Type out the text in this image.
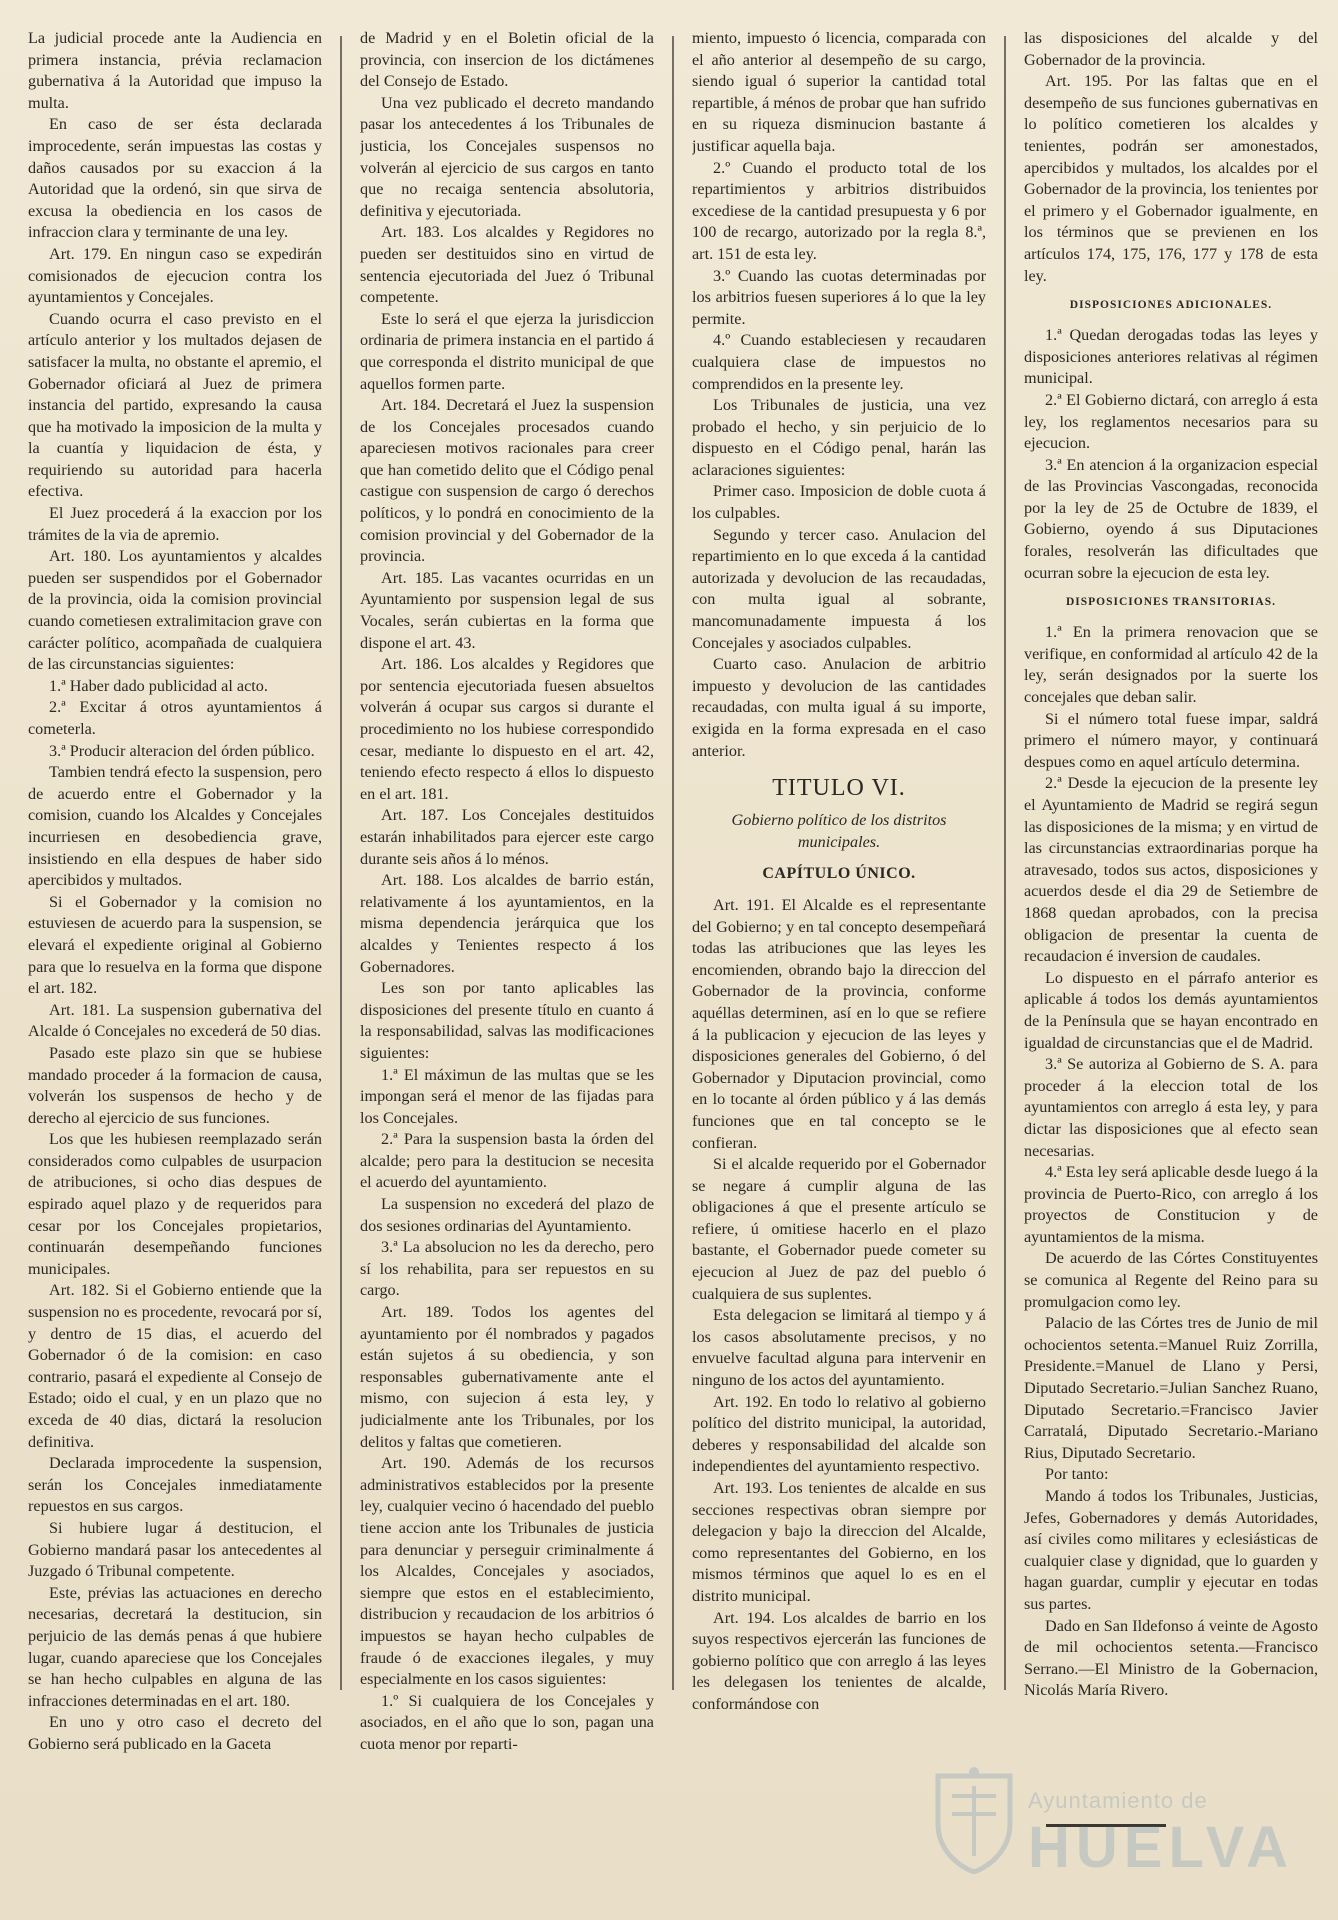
La judicial procede ante la Audiencia en primera instancia, prévia reclamacion gubernativa á la Autoridad que impuso la multa.

En caso de ser ésta declarada improcedente, serán impuestas las costas y daños causados por su exaccion á la Autoridad que la ordenó, sin que sirva de excusa la obediencia en los casos de infraccion clara y terminante de una ley.

Art. 179. En ningun caso se expedirán comisionados de ejecucion contra los ayuntamientos y Concejales.

Cuando ocurra el caso previsto en el artículo anterior y los multados dejasen de satisfacer la multa, no obstante el apremio, el Gobernador oficiará al Juez de primera instancia del partido, expresando la causa que ha motivado la imposicion de la multa y la cuantía y liquidacion de ésta, y requiriendo su autoridad para hacerla efectiva.

El Juez procederá á la exaccion por los trámites de la via de apremio.

Art. 180. Los ayuntamientos y alcaldes pueden ser suspendidos por el Gobernador de la provincia, oida la comision provincial cuando cometiesen extralimitacion grave con carácter político, acompañada de cualquiera de las circunstancias siguientes:

1.ª Haber dado publicidad al acto.

2.ª Excitar á otros ayuntamientos á cometerla.

3.ª Producir alteracion del órden público.

Tambien tendrá efecto la suspension, pero de acuerdo entre el Gobernador y la comision, cuando los Alcaldes y Concejales incurriesen en desobediencia grave, insistiendo en ella despues de haber sido apercibidos y multados.

Si el Gobernador y la comision no estuviesen de acuerdo para la suspension, se elevará el expediente original al Gobierno para que lo resuelva en la forma que dispone el art. 182.

Art. 181. La suspension gubernativa del Alcalde ó Concejales no excederá de 50 dias.

Pasado este plazo sin que se hubiese mandado proceder á la formacion de causa, volverán los suspensos de hecho y de derecho al ejercicio de sus funciones.

Los que les hubiesen reemplazado serán considerados como culpables de usurpacion de atribuciones, si ocho dias despues de espirado aquel plazo y de requeridos para cesar por los Concejales propietarios, continuarán desempeñando funciones municipales.

Art. 182. Si el Gobierno entiende que la suspension no es procedente, revocará por sí, y dentro de 15 dias, el acuerdo del Gobernador ó de la comision: en caso contrario, pasará el expediente al Consejo de Estado; oido el cual, y en un plazo que no exceda de 40 dias, dictará la resolucion definitiva.

Declarada improcedente la suspension, serán los Concejales inmediatamente repuestos en sus cargos.

Si hubiere lugar á destitucion, el Gobierno mandará pasar los antecedentes al Juzgado ó Tribunal competente.

Este, prévias las actuaciones en derecho necesarias, decretará la destitucion, sin perjuicio de las demás penas á que hubiere lugar, cuando apareciese que los Concejales se han hecho culpables en alguna de las infracciones determinadas en el art. 180.

En uno y otro caso el decreto del Gobierno será publicado en la Gaceta

de Madrid y en el Boletin oficial de la provincia, con insercion de los dictámenes del Consejo de Estado.

Una vez publicado el decreto mandando pasar los antecedentes á los Tribunales de justicia, los Concejales suspensos no volverán al ejercicio de sus cargos en tanto que no recaiga sentencia absolutoria, definitiva y ejecutoriada.

Art. 183. Los alcaldes y Regidores no pueden ser destituidos sino en virtud de sentencia ejecutoriada del Juez ó Tribunal competente.

Este lo será el que ejerza la jurisdiccion ordinaria de primera instancia en el partido á que corresponda el distrito municipal de que aquellos formen parte.

Art. 184. Decretará el Juez la suspension de los Concejales procesados cuando apareciesen motivos racionales para creer que han cometido delito que el Código penal castigue con suspension de cargo ó derechos políticos, y lo pondrá en conocimiento de la comision provincial y del Gobernador de la provincia.

Art. 185. Las vacantes ocurridas en un Ayuntamiento por suspension legal de sus Vocales, serán cubiertas en la forma que dispone el art. 43.

Art. 186. Los alcaldes y Regidores que por sentencia ejecutoriada fuesen absueltos volverán á ocupar sus cargos si durante el procedimiento no los hubiese correspondido cesar, mediante lo dispuesto en el art. 42, teniendo efecto respecto á ellos lo dispuesto en el art. 181.

Art. 187. Los Concejales destituidos estarán inhabilitados para ejercer este cargo durante seis años á lo ménos.

Art. 188. Los alcaldes de barrio están, relativamente á los ayuntamientos, en la misma dependencia jerárquica que los alcaldes y Tenientes respecto á los Gobernadores.

Les son por tanto aplicables las disposiciones del presente título en cuanto á la responsabilidad, salvas las modificaciones siguientes:

1.ª El máximun de las multas que se les impongan será el menor de las fijadas para los Concejales.

2.ª Para la suspension basta la órden del alcalde; pero para la destitucion se necesita el acuerdo del ayuntamiento.

La suspension no excederá del plazo de dos sesiones ordinarias del Ayuntamiento.

3.ª La absolucion no les da derecho, pero sí los rehabilita, para ser repuestos en su cargo.

Art. 189. Todos los agentes del ayuntamiento por él nombrados y pagados están sujetos á su obediencia, y son responsables gubernativamente ante el mismo, con sujecion á esta ley, y judicialmente ante los Tribunales, por los delitos y faltas que cometieren.

Art. 190. Además de los recursos administrativos establecidos por la presente ley, cualquier vecino ó hacendado del pueblo tiene accion ante los Tribunales de justicia para denunciar y perseguir criminalmente á los Alcaldes, Concejales y asociados, siempre que estos en el establecimiento, distribucion y recaudacion de los arbitrios ó impuestos se hayan hecho culpables de fraude ó de exacciones ilegales, y muy especialmente en los casos siguientes:

1.º Si cualquiera de los Concejales y asociados, en el año que lo son, pagan una cuota menor por reparti-

miento, impuesto ó licencia, comparada con el año anterior al desempeño de su cargo, siendo igual ó superior la cantidad total repartible, á ménos de probar que han sufrido en su riqueza disminucion bastante á justificar aquella baja.

2.º Cuando el producto total de los repartimientos y arbitrios distribuidos excediese de la cantidad presupuesta y 6 por 100 de recargo, autorizado por la regla 8.ª, art. 151 de esta ley.

3.º Cuando las cuotas determinadas por los arbitrios fuesen superiores á lo que la ley permite.

4.º Cuando estableciesen y recaudaren cualquiera clase de impuestos no comprendidos en la presente ley.

Los Tribunales de justicia, una vez probado el hecho, y sin perjuicio de lo dispuesto en el Código penal, harán las aclaraciones siguientes:

Primer caso. Imposicion de doble cuota á los culpables.

Segundo y tercer caso. Anulacion del repartimiento en lo que exceda á la cantidad autorizada y devolucion de las recaudadas, con multa igual al sobrante, mancomunadamente impuesta á los Concejales y asociados culpables.

Cuarto caso. Anulacion de arbitrio impuesto y devolucion de las cantidades recaudadas, con multa igual á su importe, exigida en la forma expresada en el caso anterior.

TITULO VI.
Gobierno político de los distritos municipales.
CAPÍTULO ÚNICO.

Art. 191. El Alcalde es el representante del Gobierno; y en tal concepto desempeñará todas las atribuciones que las leyes les encomienden, obrando bajo la direccion del Gobernador de la provincia, conforme aquéllas determinen, así en lo que se refiere á la publicacion y ejecucion de las leyes y disposiciones generales del Gobierno, ó del Gobernador y Diputacion provincial, como en lo tocante al órden público y á las demás funciones que en tal concepto se le confieran.

Si el alcalde requerido por el Gobernador se negare á cumplir alguna de las obligaciones á que el presente artículo se refiere, ú omitiese hacerlo en el plazo bastante, el Gobernador puede cometer su ejecucion al Juez de paz del pueblo ó cualquiera de sus suplentes.

Esta delegacion se limitará al tiempo y á los casos absolutamente precisos, y no envuelve facultad alguna para intervenir en ninguno de los actos del ayuntamiento.

Art. 192. En todo lo relativo al gobierno político del distrito municipal, la autoridad, deberes y responsabilidad del alcalde son independientes del ayuntamiento respectivo.

Art. 193. Los tenientes de alcalde en sus secciones respectivas obran siempre por delegacion y bajo la direccion del Alcalde, como representantes del Gobierno, en los mismos términos que aquel lo es en el distrito municipal.

Art. 194. Los alcaldes de barrio en los suyos respectivos ejercerán las funciones de gobierno político que con arreglo á las leyes les delegasen los tenientes de alcalde, conformándose con

las disposiciones del alcalde y del Gobernador de la provincia.

Art. 195. Por las faltas que en el desempeño de sus funciones gubernativas en lo político cometieren los alcaldes y tenientes, podrán ser amonestados, apercibidos y multados, los alcaldes por el Gobernador de la provincia, los tenientes por el primero y el Gobernador igualmente, en los términos que se previenen en los artículos 174, 175, 176, 177 y 178 de esta ley.

DISPOSICIONES ADICIONALES.

1.ª Quedan derogadas todas las leyes y disposiciones anteriores relativas al régimen municipal.

2.ª El Gobierno dictará, con arreglo á esta ley, los reglamentos necesarios para su ejecucion.

3.ª En atencion á la organizacion especial de las Provincias Vascongadas, reconocida por la ley de 25 de Octubre de 1839, el Gobierno, oyendo á sus Diputaciones forales, resolverán las dificultades que ocurran sobre la ejecucion de esta ley.

DISPOSICIONES TRANSITORIAS.

1.ª En la primera renovacion que se verifique, en conformidad al artículo 42 de la ley, serán designados por la suerte los concejales que deban salir.

Si el número total fuese impar, saldrá primero el número mayor, y continuará despues como en aquel artículo determina.

2.ª Desde la ejecucion de la presente ley el Ayuntamiento de Madrid se regirá segun las disposiciones de la misma; y en virtud de las circunstancias extraordinarias porque ha atravesado, todos sus actos, disposiciones y acuerdos desde el dia 29 de Setiembre de 1868 quedan aprobados, con la precisa obligacion de presentar la cuenta de recaudacion é inversion de caudales.

Lo dispuesto en el párrafo anterior es aplicable á todos los demás ayuntamientos de la Península que se hayan encontrado en igualdad de circunstancias que el de Madrid.

3.ª Se autoriza al Gobierno de S. A. para proceder á la eleccion total de los ayuntamientos con arreglo á esta ley, y para dictar las disposiciones que al efecto sean necesarias.

4.ª Esta ley será aplicable desde luego á la provincia de Puerto-Rico, con arreglo á los proyectos de Constitucion y de ayuntamientos de la misma.

De acuerdo de las Córtes Constituyentes se comunica al Regente del Reino para su promulgacion como ley.

Palacio de las Córtes tres de Junio de mil ochocientos setenta.=Manuel Ruiz Zorrilla, Presidente.=Manuel de Llano y Persi, Diputado Secretario.=Julian Sanchez Ruano, Diputado Secretario.=Francisco Javier Carratalá, Diputado Secretario.-Mariano Rius, Diputado Secretario.

Por tanto:

Mando á todos los Tribunales, Justicias, Jefes, Gobernadores y demás Autoridades, así civiles como militares y eclesiásticas de cualquier clase y dignidad, que lo guarden y hagan guardar, cumplir y ejecutar en todas sus partes.

Dado en San Ildefonso á veinte de Agosto de mil ochocientos setenta.—Francisco Serrano.—El Ministro de la Gobernacion, Nicolás María Rivero.

Ayuntamiento de
HUELVA
